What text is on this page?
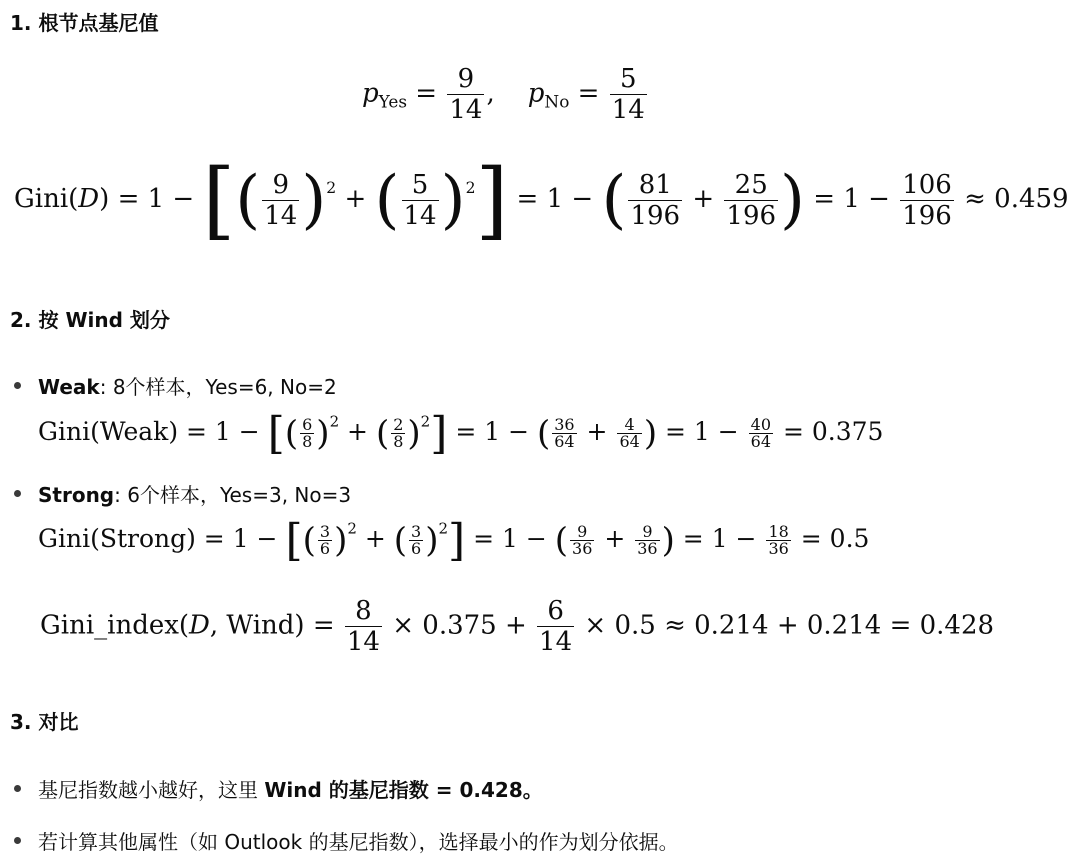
1. 根节点基尼值
$p_{Yes} = \frac{9}{14}$ ,    $p_{No} = \frac{5}{14}$
Gini(D) = 1 − [( $\frac{9}{14} )^2$ + ( $\frac{5}{14} )^2] = 1$ − ( $\frac{81}{196} + \frac{25}{196}$ ) = $1 - \frac{106}{196} \approx 0.459$
2. 按 Wind 划分
Weak: 8个样本，Yes=6, No=2
Gini(Weak) = 1 − [( $\frac{6}{8} )^2$ + ( $\frac{2}{8} )^2] = 1$ − ( $\frac{36}{64} + \frac{4}{64}$ ) = $1 - \frac{40}{64} = 0.375$
Strong: 6个样本，Yes=3, No=3
Gini(Strong) = 1 − [( $\frac{3}{6} )^2$ + ( $\frac{3}{6} )^2] = 1$ − ( $\frac{9}{36} + \frac{9}{36}$ ) = $1 - \frac{18}{36} = 0.5$
Gini_index(D, Wind) = $\frac{8}{14} \times 0.375 + \frac{6}{14} \times 0.5 \approx 0.214 + 0.214 = 0.428$
3. 对比
基尼指数越小越好，这里 Wind 的基尼指数 = 0.428。
若计算其他属性（如 Outlook 的基尼指数），选择最小的作为划分依据。
